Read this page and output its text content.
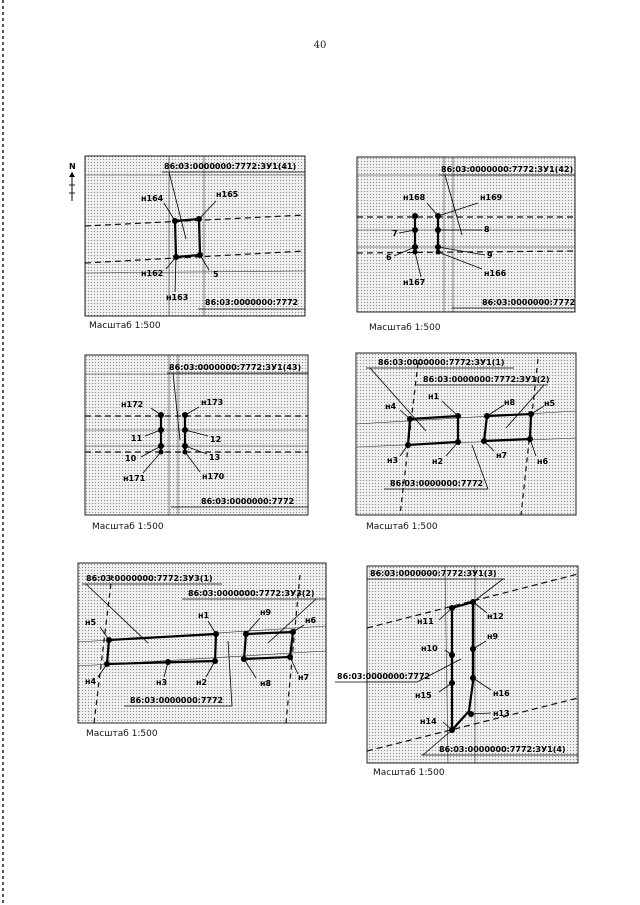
40
N	86:03:0000000:7772:ЗУ1(41)
н164	н165
н162	5
н163
86:03:0000000:7772
Масштаб 1:500
86:03:0000000:7772:ЗУ1(42)
н168	н169
7	8
6	9
н167
н166
86:03:0000000:7772
Масштаб 1:500
86:03:0000000:7772:ЗУ1(43)
н172	н173
11	12
10	13
н171	н170
86:03:0000000:7772
Масштаб 1:500
86:03:0000000:7772:ЗУ1(1)
86:03:0000000:7772:ЗУ1(2)
н4
н1
н8	н5
н3	н2
н7
н6
86:03:0000000:7772
Масштаб 1:500
86:03:0000000:7772:ЗУ3(1)
86:03:0000000:7772:ЗУ3(2)
н5
н1	н9
н6
н4	н3	н2	н8
н7
86:03:0000000:7772
Масштаб 1:500
86:03:0000000:7772:ЗУ1(3)
н11
н12
н10
н9
86:03:0000000:7772
н15	н16
н14
н13
86:03:0000000:7772:ЗУ1(4)
Масштаб 1:500
